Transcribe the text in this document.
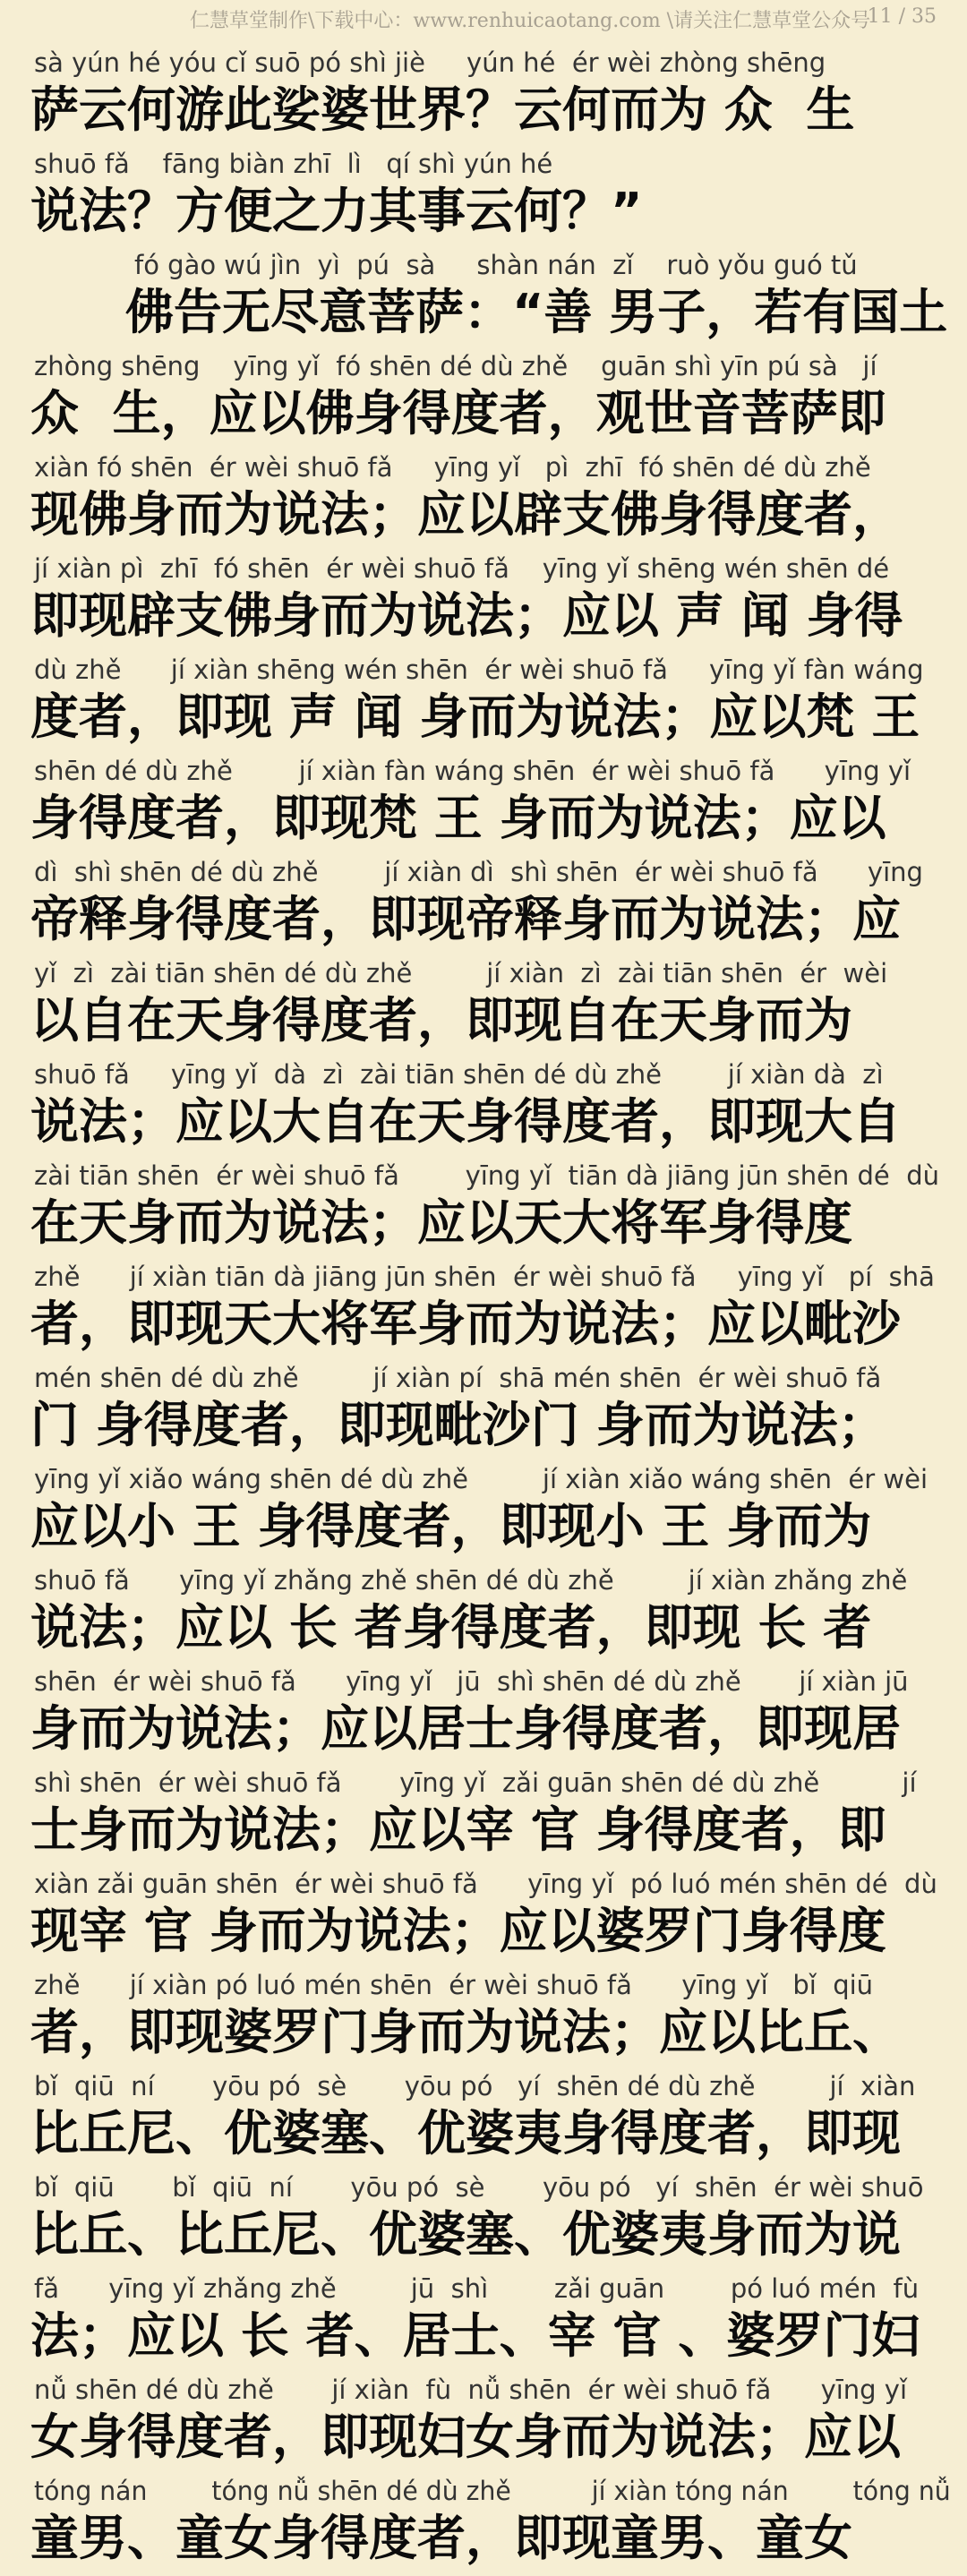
仁慧草堂制作\下载中心：www.renhuicaotang.com \请关注仁慧草堂公众号
11 / 35
sà yún hé yóu cǐ suō pó shì jiè     yún hé  ér wèi zhòng shēng
萨云何游此娑婆世界？云何而为 众  生
shuō fǎ    fāng biàn zhī  lì   qí shì yún hé
说法？方便之力其事云何？”
fó gào wú jìn  yì  pú  sà     shàn nán  zǐ    ruò yǒu guó tǔ
佛告无尽意菩萨：“善 男子，若有国土
zhòng shēng    yīng yǐ  fó shēn dé dù zhě    guān shì yīn pú sà   jí
众  生，应以佛身得度者，观世音菩萨即
xiàn fó shēn  ér wèi shuō fǎ     yīng yǐ   pì  zhī  fó shēn dé dù zhě
现佛身而为说法；应以辟支佛身得度者，
jí xiàn pì  zhī  fó shēn  ér wèi shuō fǎ    yīng yǐ shēng wén shēn dé
即现辟支佛身而为说法；应以 声 闻 身得
dù zhě      jí xiàn shēng wén shēn  ér wèi shuō fǎ     yīng yǐ fàn wáng
度者，即现 声 闻 身而为说法；应以梵 王
shēn dé dù zhě        jí xiàn fàn wáng shēn  ér wèi shuō fǎ      yīng yǐ
身得度者，即现梵 王 身而为说法；应以
dì  shì shēn dé dù zhě        jí xiàn dì  shì shēn  ér wèi shuō fǎ      yīng
帝释身得度者，即现帝释身而为说法；应
yǐ  zì  zài tiān shēn dé dù zhě         jí xiàn  zì  zài tiān shēn  ér  wèi
以自在天身得度者，即现自在天身而为
shuō fǎ     yīng yǐ  dà  zì  zài tiān shēn dé dù zhě        jí xiàn dà  zì
说法；应以大自在天身得度者，即现大自
zài tiān shēn  ér wèi shuō fǎ        yīng yǐ  tiān dà jiāng jūn shēn dé  dù
在天身而为说法；应以天大将军身得度
zhě      jí xiàn tiān dà jiāng jūn shēn  ér wèi shuō fǎ     yīng yǐ   pí  shā
者，即现天大将军身而为说法；应以毗沙
mén shēn dé dù zhě         jí xiàn pí  shā mén shēn  ér wèi shuō fǎ
门 身得度者，即现毗沙门 身而为说法；
yīng yǐ xiǎo wáng shēn dé dù zhě         jí xiàn xiǎo wáng shēn  ér wèi
应以小 王 身得度者，即现小 王 身而为
shuō fǎ      yīng yǐ zhǎng zhě shēn dé dù zhě         jí xiàn zhǎng zhě
说法；应以 长 者身得度者，即现 长 者
shēn  ér wèi shuō fǎ      yīng yǐ   jū  shì shēn dé dù zhě       jí xiàn jū
身而为说法；应以居士身得度者，即现居
shì shēn  ér wèi shuō fǎ       yīng yǐ  zǎi guān shēn dé dù zhě          jí
士身而为说法；应以宰 官 身得度者，即
xiàn zǎi guān shēn  ér wèi shuō fǎ      yīng yǐ  pó luó mén shēn dé  dù
现宰 官 身而为说法；应以婆罗门身得度
zhě      jí xiàn pó luó mén shēn  ér wèi shuō fǎ      yīng yǐ   bǐ  qiū
者，即现婆罗门身而为说法；应以比丘、
bǐ  qiū  ní       yōu pó  sè       yōu pó   yí  shēn dé dù zhě         jí  xiàn
比丘尼、优婆塞、优婆夷身得度者，即现
bǐ  qiū       bǐ  qiū  ní       yōu pó  sè       yōu pó   yí  shēn  ér wèi shuō
比丘、比丘尼、优婆塞、优婆夷身而为说
fǎ      yīng yǐ zhǎng zhě         jū  shì        zǎi guān        pó luó mén  fù
法；应以 长 者、居士、宰 官 、婆罗门妇
nǚ shēn dé dù zhě       jí xiàn  fù  nǚ shēn  ér wèi shuō fǎ      yīng yǐ
女身得度者，即现妇女身而为说法；应以
tóng nán        tóng nǚ shēn dé dù zhě          jí xiàn tóng nán        tóng nǚ
童男、童女身得度者，即现童男、童女
